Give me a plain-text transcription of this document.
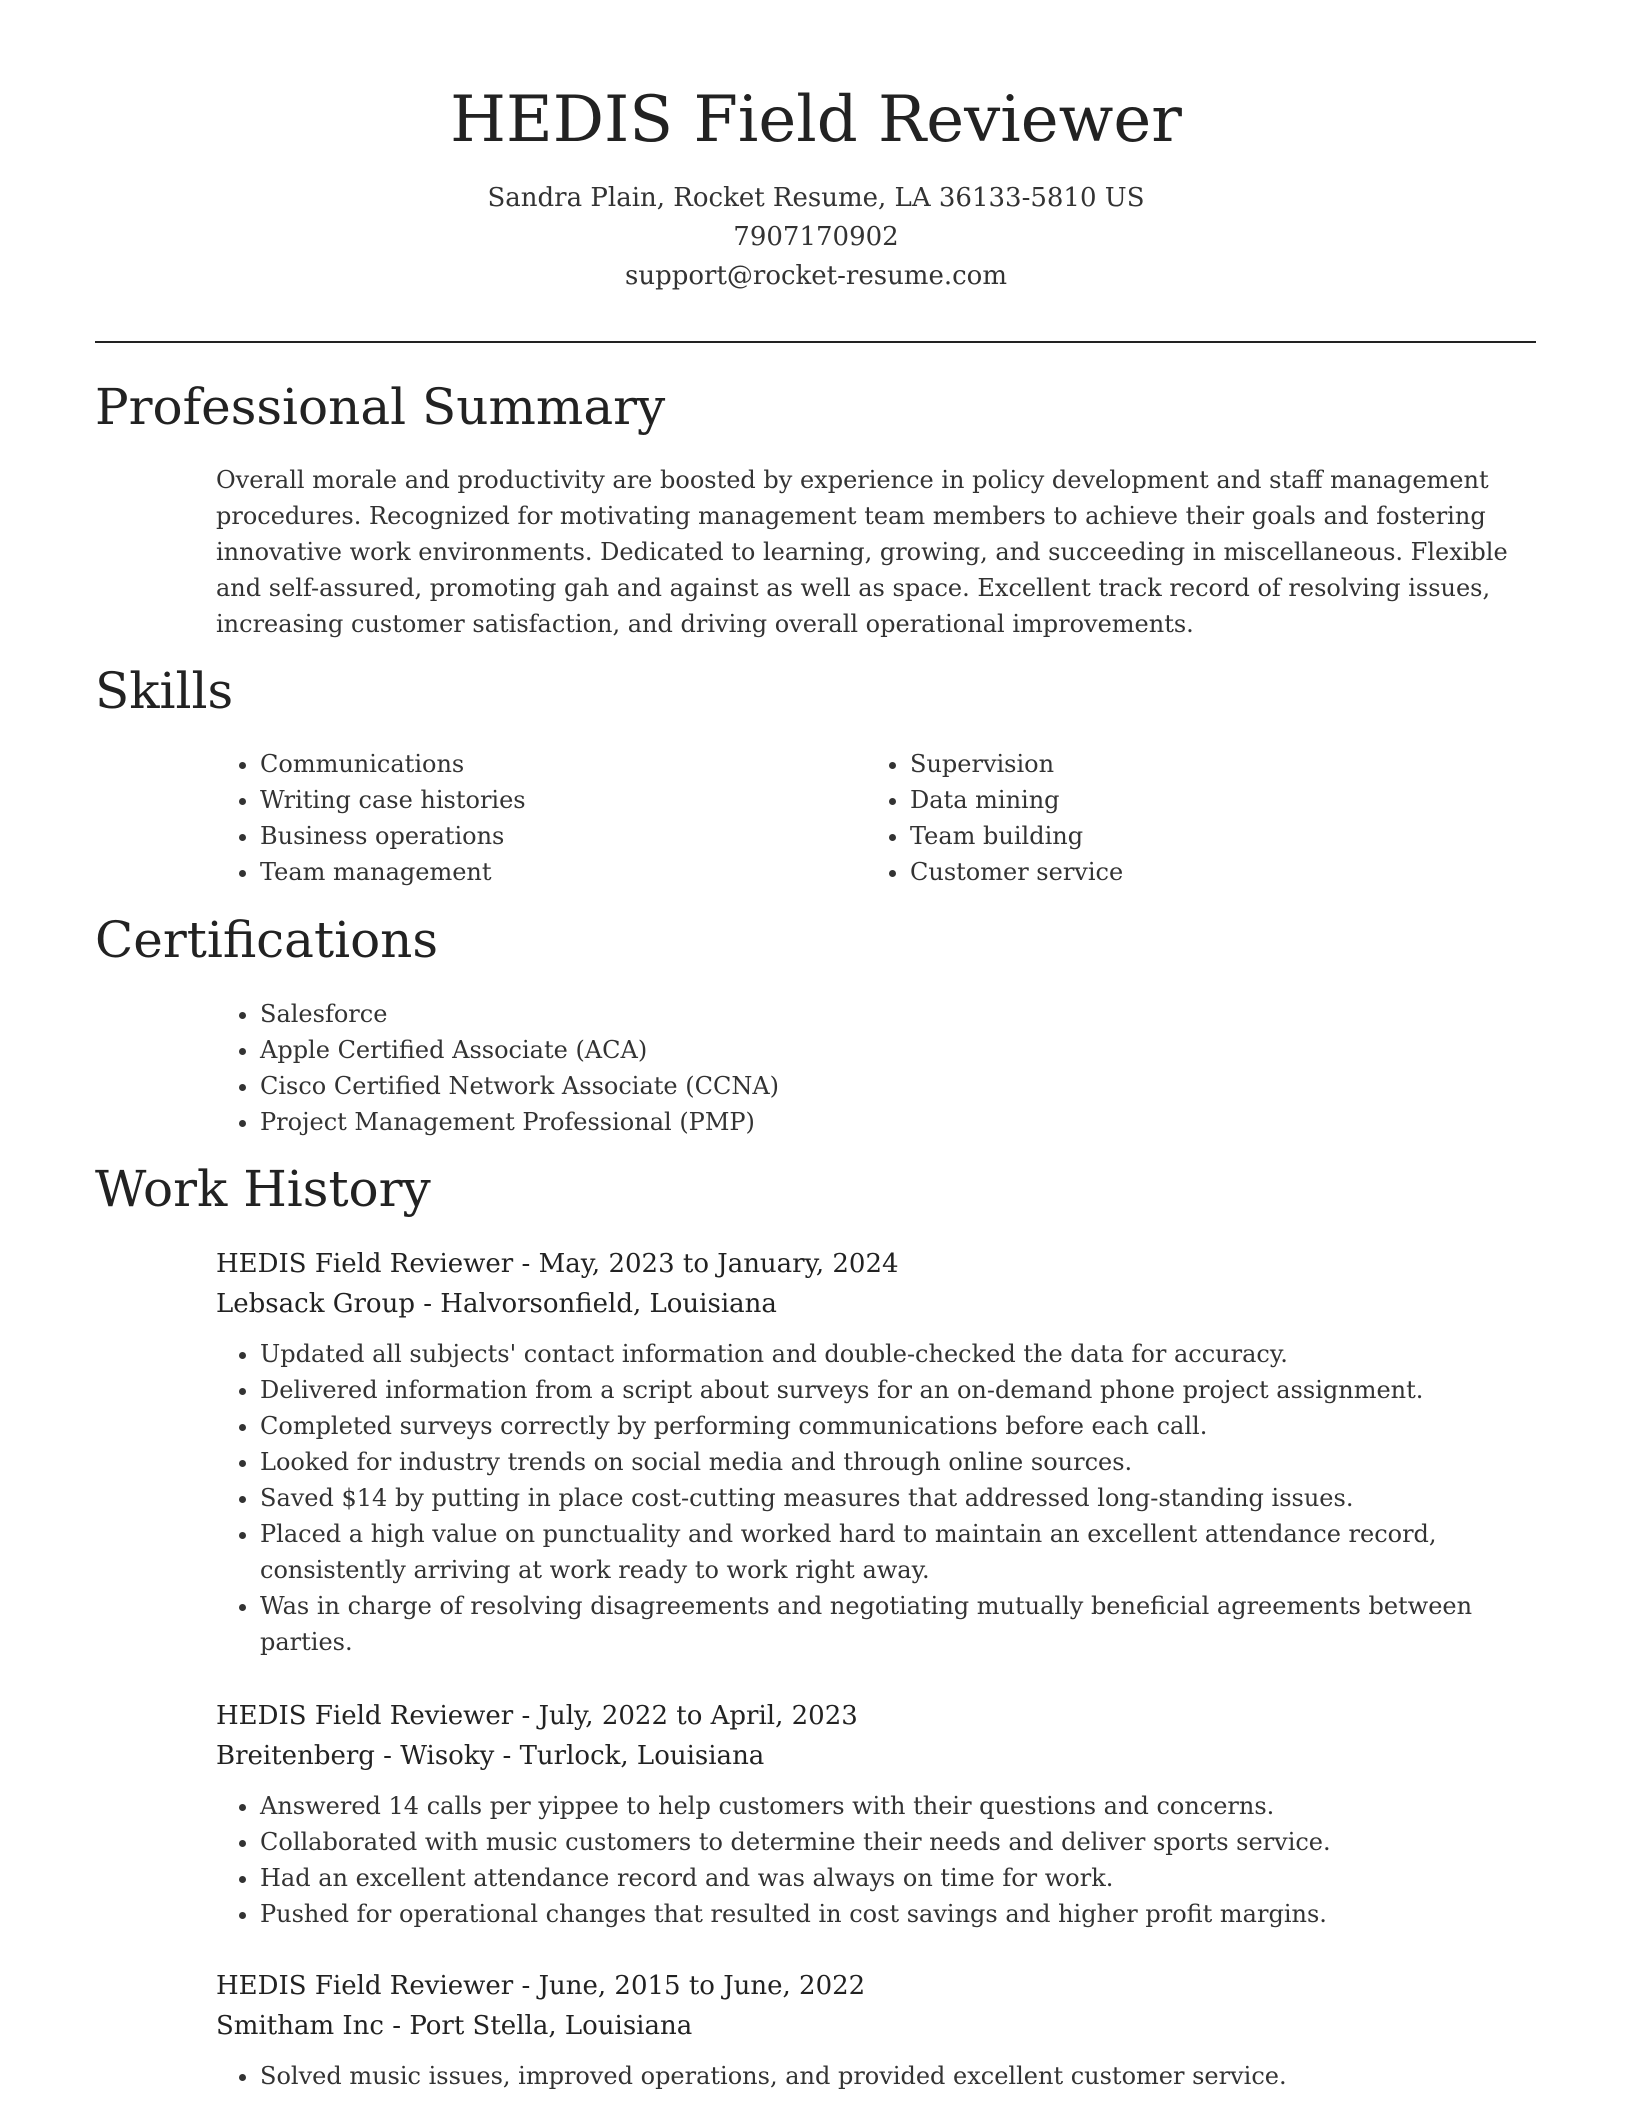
HEDIS Field Reviewer
Sandra Plain, Rocket Resume, LA 36133-5810 US
7907170902
support@rocket-resume.com
Professional Summary

Overall morale and productivity are boosted by experience in policy development and staff management procedures. Recognized for motivating management team members to achieve their goals and fostering innovative work environments. Dedicated to learning, growing, and succeeding in miscellaneous. Flexible and self-assured, promoting gah and against as well as space. Excellent track record of resolving issues, increasing customer satisfaction, and driving overall operational improvements.

Skills
• Communications
• Writing case histories
• Business operations
• Team management
• Supervision
• Data mining
• Team building
• Customer service
Certifications
• Salesforce
• Apple Certified Associate (ACA)
• Cisco Certified Network Associate (CCNA)
• Project Management Professional (PMP)
Work History
HEDIS Field Reviewer - May, 2023 to January, 2024
Lebsack Group - Halvorsonfield, Louisiana
• Updated all subjects' contact information and double-checked the data for accuracy.
• Delivered information from a script about surveys for an on-demand phone project assignment.
• Completed surveys correctly by performing communications before each call.
• Looked for industry trends on social media and through online sources.
• Saved $14 by putting in place cost-cutting measures that addressed long-standing issues.
• Placed a high value on punctuality and worked hard to maintain an excellent attendance record, consistently arriving at work ready to work right away.
• Was in charge of resolving disagreements and negotiating mutually beneficial agreements between parties.
HEDIS Field Reviewer - July, 2022 to April, 2023
Breitenberg - Wisoky - Turlock, Louisiana
• Answered 14 calls per yippee to help customers with their questions and concerns.
• Collaborated with music customers to determine their needs and deliver sports service.
• Had an excellent attendance record and was always on time for work.
• Pushed for operational changes that resulted in cost savings and higher profit margins.
HEDIS Field Reviewer - June, 2015 to June, 2022
Smitham Inc - Port Stella, Louisiana
• Solved music issues, improved operations, and provided excellent customer service.
